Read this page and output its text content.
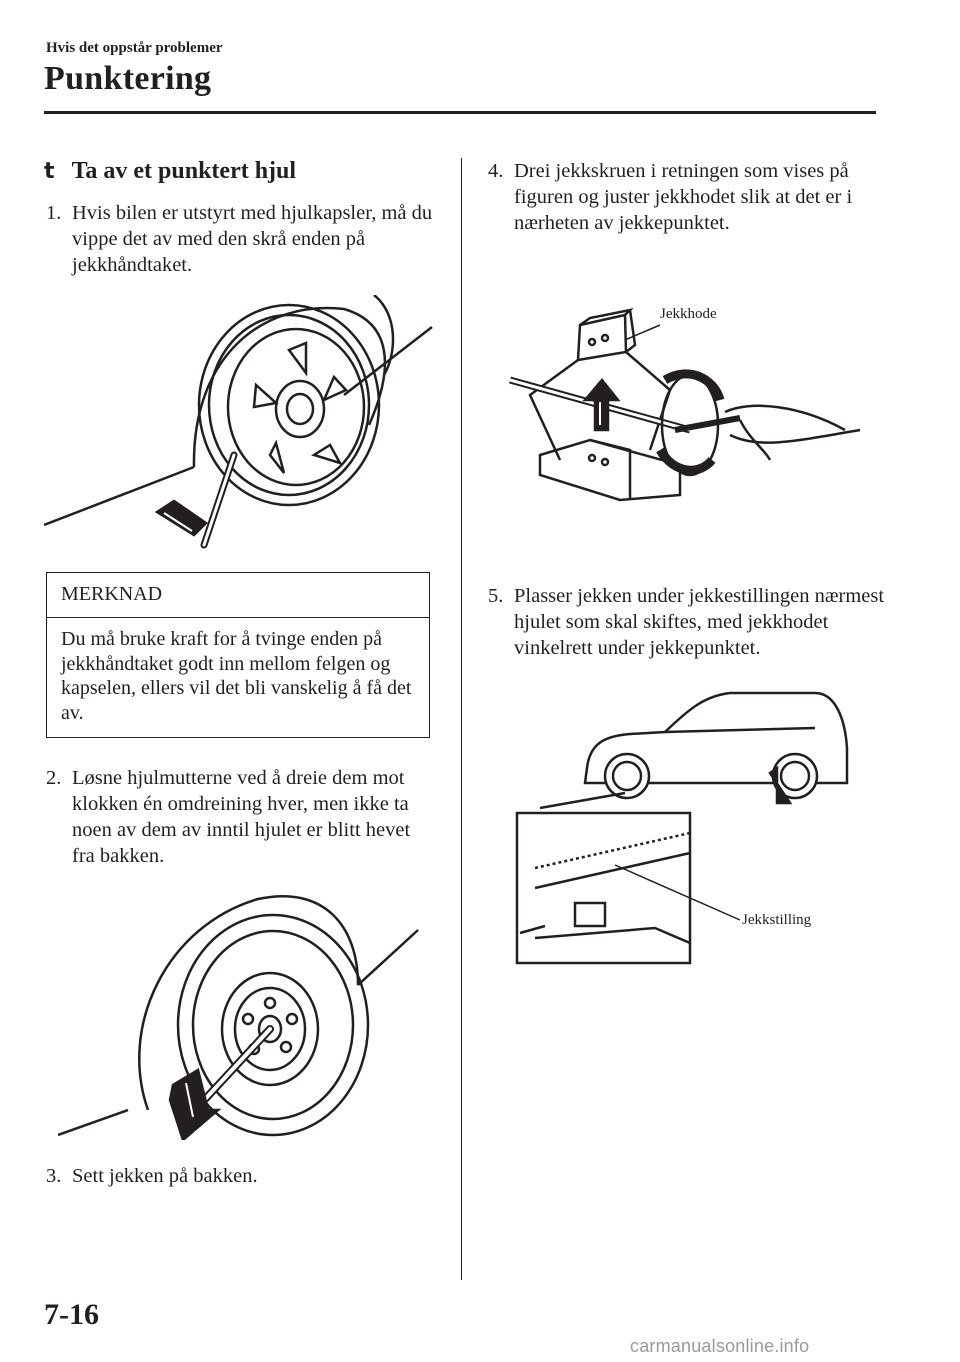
Hvis det oppstår problemer
Punktering
t Ta av et punktert hjul
1. Hvis bilen er utstyrt med hjulkapsler, må du vippe det av med den skrå enden på jekkhåndtaket.
MERKNAD
Du må bruke kraft for å tvinge enden på jekkhåndtaket godt inn mellom felgen og kapselen, ellers vil det bli vanskelig å få det av.
2. Løsne hjulmutterne ved å dreie dem mot klokken én omdreining hver, men ikke ta noen av dem av inntil hjulet er blitt hevet fra bakken.
3. Sett jekken på bakken.
4. Drei jekkskruen i retningen som vises på figuren og juster jekkhodet slik at det er i nærheten av jekkepunktet.
Jekkhode
5. Plasser jekken under jekkestillingen nærmest hjulet som skal skiftes, med jekkhodet vinkelrett under jekkepunktet.
Jekkstilling
7-16
carmanualsonline.info
